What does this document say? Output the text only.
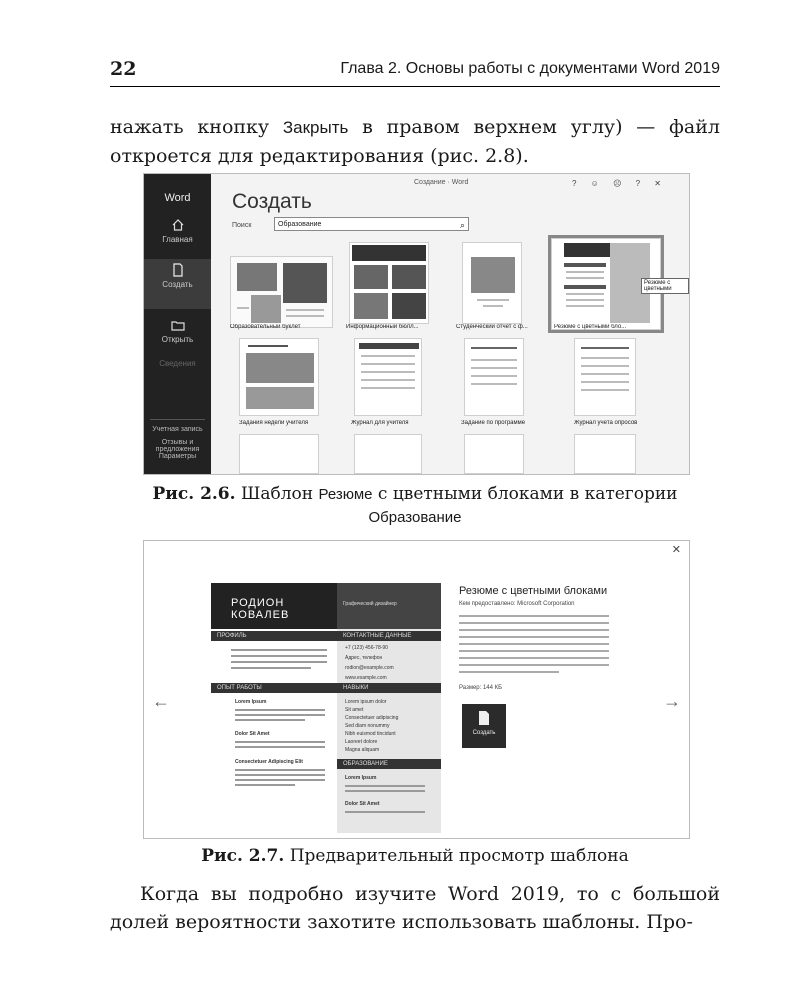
22	Глава 2. Основы работы с документами Word 2019
нажать кнопку Закрыть в правом верхнем углу) — файл откроется для редактирования (рис. 2.8).
Word
Главная
Создать
Открыть
Сведения
Учетная запись
Отзывы и предложения
Параметры
Создание · Word	? ☺ ☹ ? ✕
Создать
Поиск	Образование	⌕
Образовательный буклет	Информационный бюлл...	Студенческий отчет с ф...	Резюме с цветными бло...
Резюме с цветными
Задания недели учителя	Журнал для учителя	Задание по программе	Журнал учета опросов
Рис. 2.6. Шаблон Резюме с цветными блоками в категории Образование
✕
←	→
РОДИОН
КОВАЛЕВ
Графический дизайнер
ПРОФИЛЬ	КОНТАКТНЫЕ ДАННЫЕ
+7 (123) 456-78-90
Адрес, телефон
rodion@example.com
www.example.com
ОПЫТ РАБОТЫ	НАВЫКИ
Lorem Ipsum
Dolor Sit Amet
Consectetuer Adipiscing Elit
Lorem ipsum dolor
Sit amet
Consectetuer adipiscing
Sed diam nonummy
Nibh euismod tincidunt
Laoreet dolore
Magna aliquam
ОБРАЗОВАНИЕ
Lorem Ipsum
Dolor Sit Amet
Резюме с цветными блоками
Кем предоставлено: Microsoft Corporation
Размер: 144 КБ
Создать
Рис. 2.7. Предварительный просмотр шаблона
Когда вы подробно изучите Word 2019, то с большой долей вероятности захотите использовать шаблоны. Про-
